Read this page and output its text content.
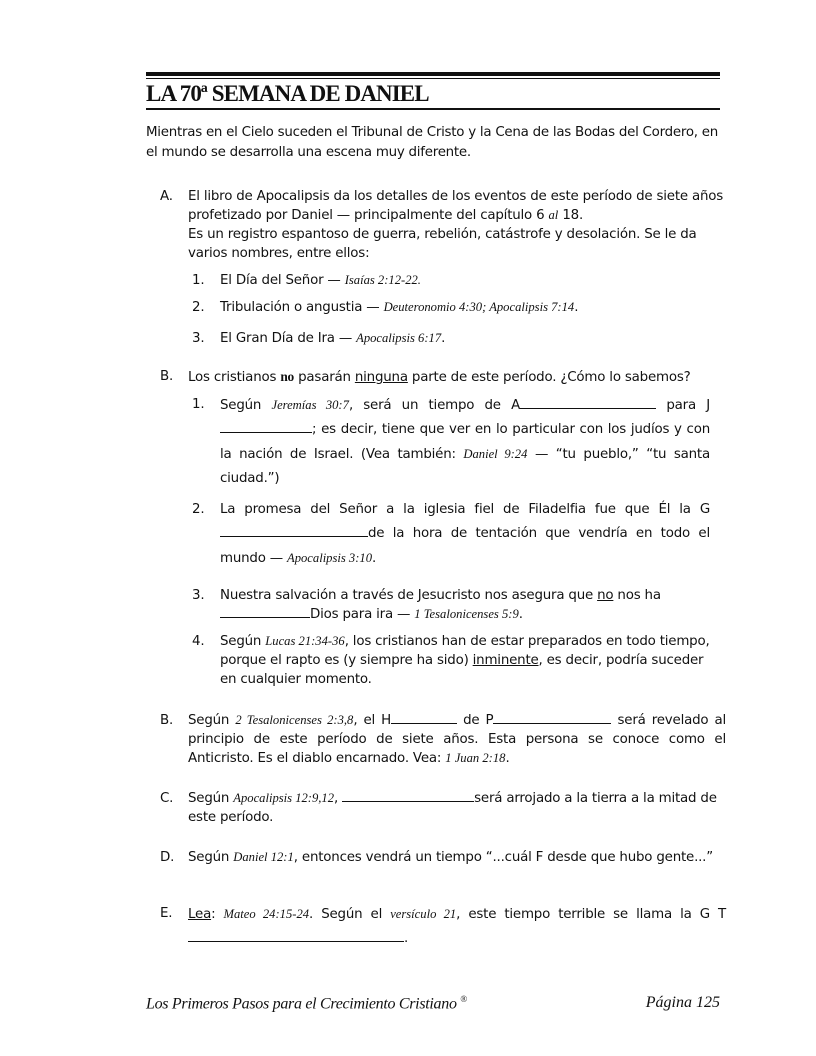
LA 70ª SEMANA DE DANIEL
Mientras en el Cielo suceden el Tribunal de Cristo y la Cena de las Bodas del Cordero, en el mundo se desarrolla una escena muy diferente.
A. El libro de Apocalipsis da los detalles de los eventos de este período de siete años profetizado por Daniel — principalmente del capítulo 6 al 18.
Es un registro espantoso de guerra, rebelión, catástrofe y desolación. Se le da varios nombres, entre ellos:
1. El Día del Señor — Isaías 2:12-22.
2. Tribulación o angustia — Deuteronomio 4:30; Apocalipsis 7:14.
3. El Gran Día de Ira — Apocalipsis 6:17.
B. Los cristianos no pasarán ninguna parte de este período. ¿Cómo lo sabemos?
1. Según Jeremías 30:7, será un tiempo de A	para J; es decir, tiene que ver en lo particular con los judíos y con la nación de Israel. (Vea también: Daniel 9:24 — “tu pueblo,” “tu santa ciudad.”)
2. La promesa del Señor a la iglesia fiel de Filadelfia fue que Él la G de la hora de tentación que vendría en todo el mundo — Apocalipsis 3:10.
3. Nuestra salvación a través de Jesucristo nos asegura que no nos ha
Dios para ira — 1 Tesalonicenses 5:9.
4. Según Lucas 21:34-36, los cristianos han de estar preparados en todo tiempo, porque el rapto es (y siempre ha sido) inminente, es decir, podría suceder en cualquier momento.
B. Según 2 Tesalonicenses 2:3,8, el H	de P	será revelado al principio de este período de siete años. Esta persona se conoce como el Anticristo. Es el diablo encarnado. Vea: 1 Juan 2:18.
C. Según Apocalipsis 12:9,12,	será arrojado a la tierra a la mitad de este período.
D. Según Daniel 12:1, entonces vendrá un tiempo “...cuál F desde que hubo gente...”
E. Lea: Mateo 24:15-24. Según el versículo 21, este tiempo terrible se llama la G T.
Los Primeros Pasos para el Crecimiento Cristiano ®	Página 125
